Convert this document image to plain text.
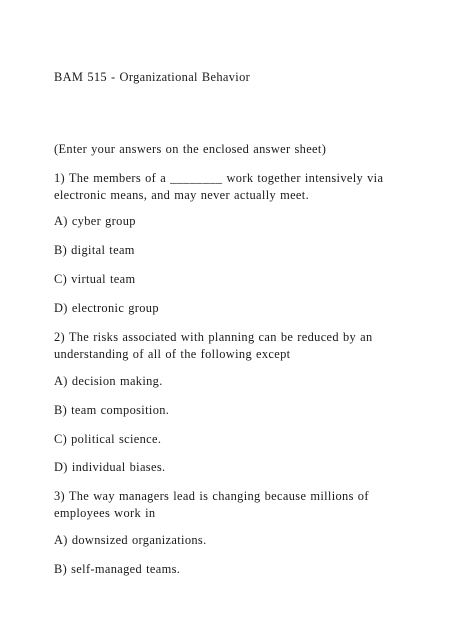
BAM 515 - Organizational Behavior
(Enter your answers on the enclosed answer sheet)
1) The members of a ________ work together intensively via electronic means, and may never actually meet.
A) cyber group
B) digital team
C) virtual team
D) electronic group
2) The risks associated with planning can be reduced by an understanding of all of the following except
A) decision making.
B) team composition.
C) political science.
D) individual biases.
3) The way managers lead is changing because millions of employees work in
A) downsized organizations.
B) self-managed teams.
